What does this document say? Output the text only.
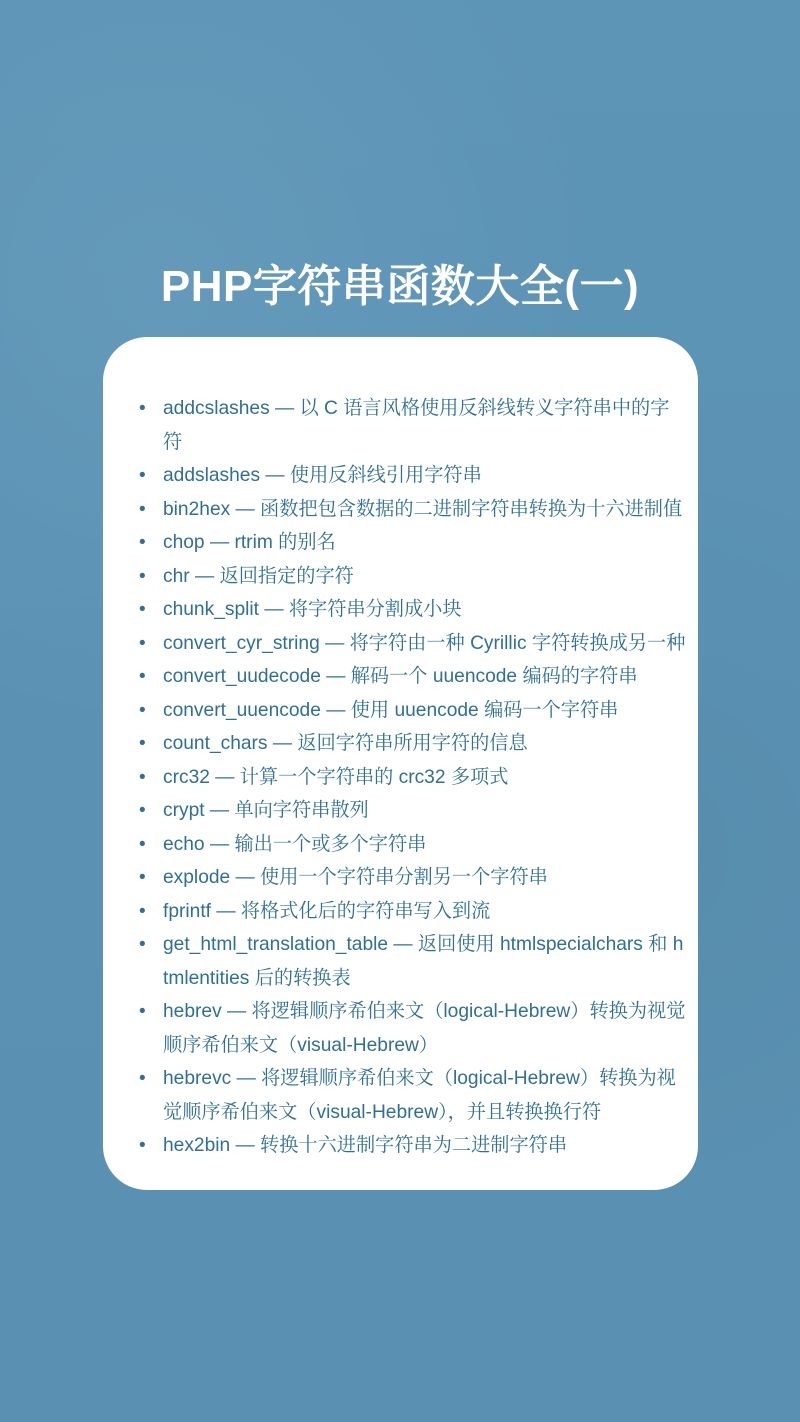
PHP字符串函数大全(一)
• addcslashes — 以 C 语言风格使用反斜线转义字符串中的字符
• addslashes — 使用反斜线引用字符串
• bin2hex — 函数把包含数据的二进制字符串转换为十六进制值
• chop — rtrim 的别名
• chr — 返回指定的字符
• chunk_split — 将字符串分割成小块
• convert_cyr_string — 将字符由一种 Cyrillic 字符转换成另一种
• convert_uudecode — 解码一个 uuencode 编码的字符串
• convert_uuencode — 使用 uuencode 编码一个字符串
• count_chars — 返回字符串所用字符的信息
• crc32 — 计算一个字符串的 crc32 多项式
• crypt — 单向字符串散列
• echo — 输出一个或多个字符串
• explode — 使用一个字符串分割另一个字符串
• fprintf — 将格式化后的字符串写入到流
• get_html_translation_table — 返回使用 htmlspecialchars 和 htmlentities 后的转换表
• hebrev — 将逻辑顺序希伯来文（logical-Hebrew）转换为视觉顺序希伯来文（visual-Hebrew）
• hebrevc — 将逻辑顺序希伯来文（logical-Hebrew）转换为视觉顺序希伯来文（visual-Hebrew），并且转换换行符
• hex2bin — 转换十六进制字符串为二进制字符串
